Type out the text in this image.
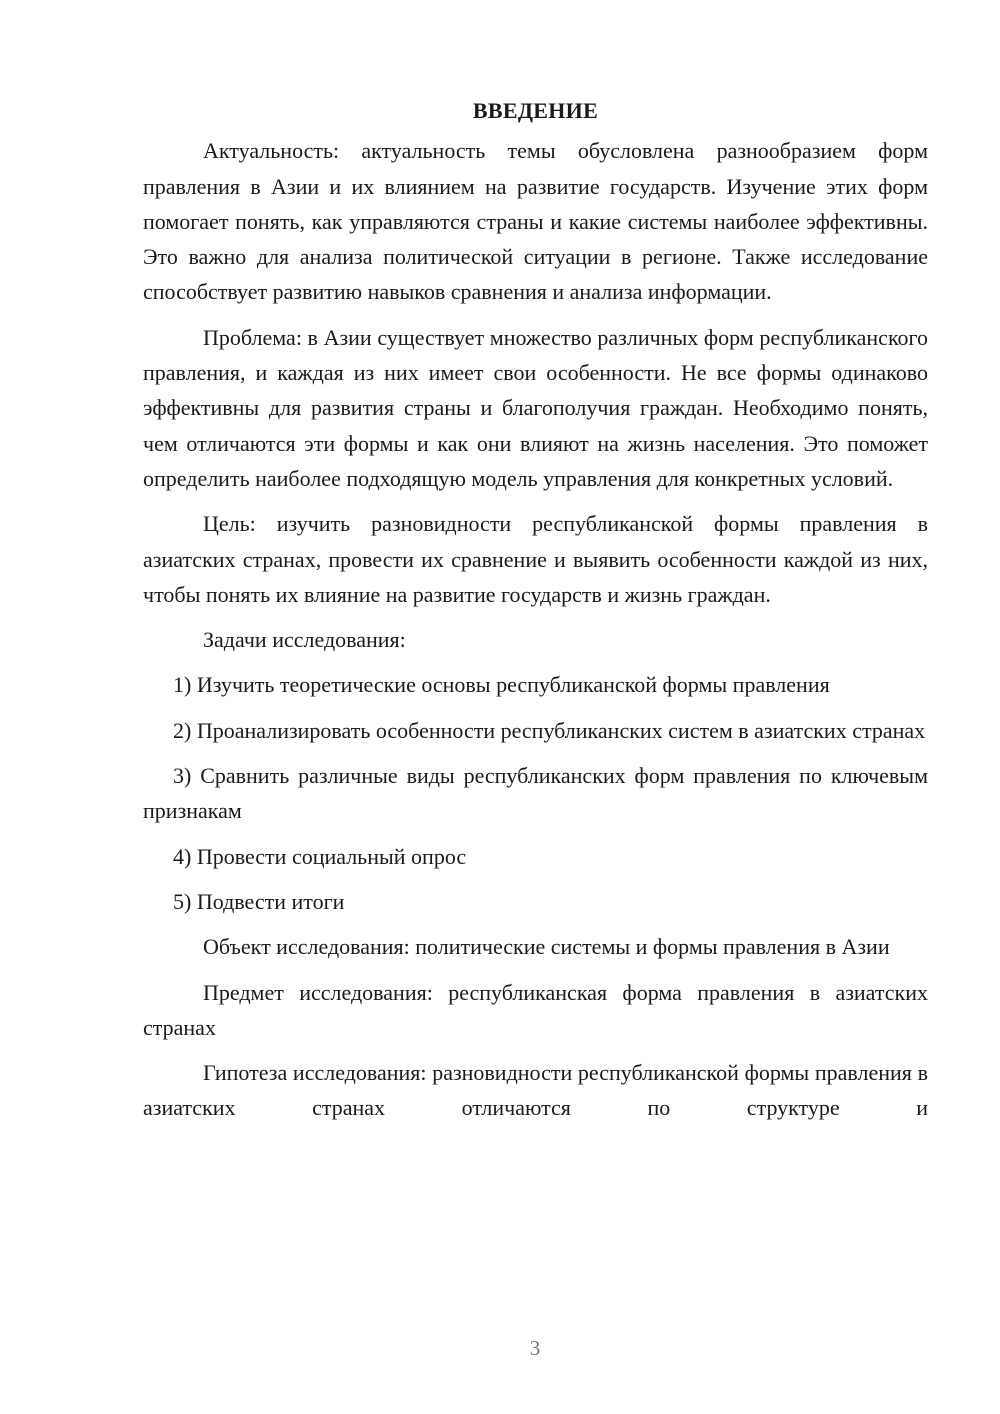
ВВЕДЕНИЕ

Актуальность: актуальность темы обусловлена разнообразием форм правления в Азии и их влиянием на развитие государств. Изучение этих форм помогает понять, как управляются страны и какие системы наиболее эффективны. Это важно для анализа политической ситуации в регионе. Также исследование способствует развитию навыков сравнения и анализа информации.

Проблема: в Азии существует множество различных форм республиканского правления, и каждая из них имеет свои особенности. Не все формы одинаково эффективны для развития страны и благополучия граждан. Необходимо понять, чем отличаются эти формы и как они влияют на жизнь населения. Это поможет определить наиболее подходящую модель управления для конкретных условий.

Цель: изучить разновидности республиканской формы правления в азиатских странах, провести их сравнение и выявить особенности каждой из них, чтобы понять их влияние на развитие государств и жизнь граждан.

Задачи исследования:

1) Изучить теоретические основы республиканской формы правления

2) Проанализировать особенности республиканских систем в азиатских странах

3) Сравнить различные виды республиканских форм правления по ключевым признакам

4) Провести социальный опрос

5) Подвести итоги

Объект исследования: политические системы и формы правления в Азии

Предмет исследования: республиканская форма правления в азиатских странах

Гипотеза исследования: разновидности республиканской формы правления в азиатских странах отличаются по структуре и

3
